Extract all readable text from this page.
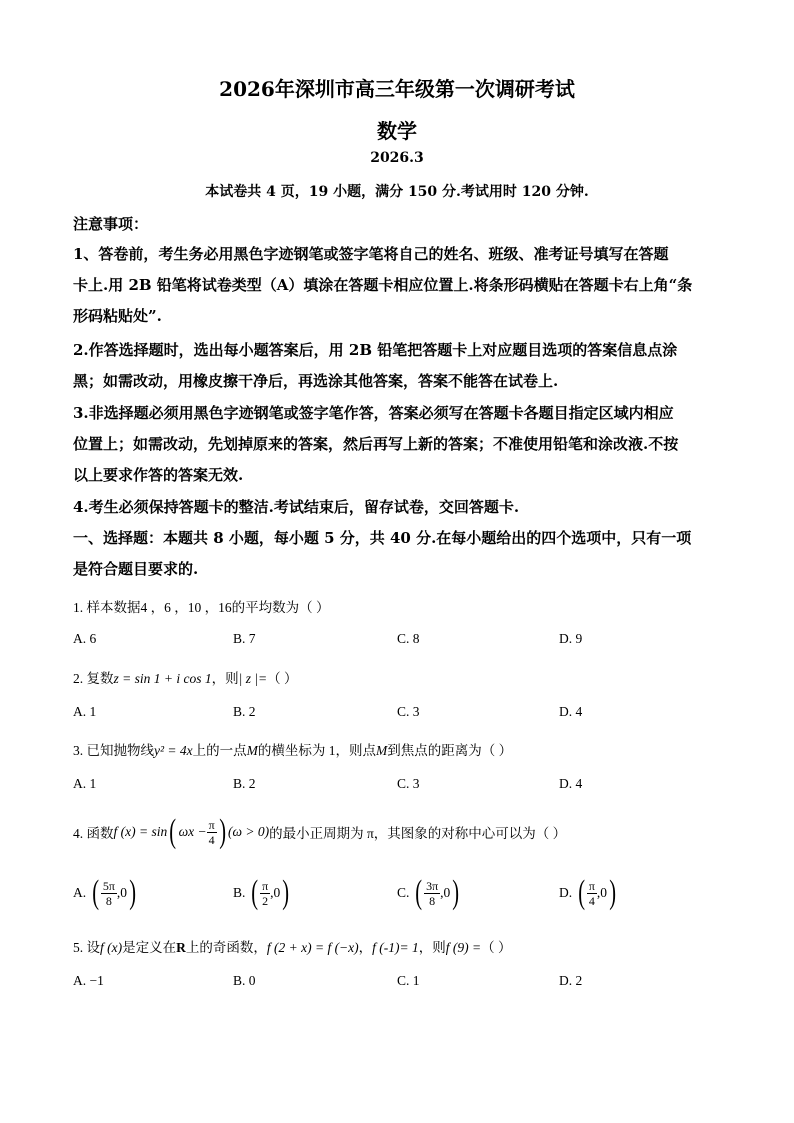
2026年深圳市高三年级第一次调研考试
数学
2026.3
本试卷共 4 页，19 小题，满分 150 分.考试用时 120 分钟.
注意事项：
1、答卷前，考生务必用黑色字迹钢笔或签字笔将自己的姓名、班级、准考证号填写在答题
卡上.用 2B 铅笔将试卷类型（A）填涂在答题卡相应位置上.将条形码横贴在答题卡右上角“条
形码粘贴处”.
2.作答选择题时，选出每小题答案后，用 2B 铅笔把答题卡上对应题目选项的答案信息点涂
黑；如需改动，用橡皮擦干净后，再选涂其他答案，答案不能答在试卷上.
3.非选择题必须用黑色字迹钢笔或签字笔作答，答案必须写在答题卡各题目指定区域内相应
位置上；如需改动，先划掉原来的答案，然后再写上新的答案；不准使用铅笔和涂改液.不按
以上要求作答的答案无效.
4.考生必须保持答题卡的整洁.考试结束后，留存试卷，交回答题卡.
一、选择题：本题共 8 小题，每小题 5 分，共 40 分.在每小题给出的四个选项中，只有一项
是符合题目要求的.
1. 样本数据4 ，6 ，10 ，16的平均数为（ ）
A. 6	B. 7	C. 8	D. 9
2. 复数z = sin 1 + i cos 1，则| z |=（ ）
A. 1	B. 2	C. 3	D. 4
3. 已知抛物线y² = 4x上的一点M的横坐标为 1，则点M到焦点的距离为（ ）
A. 1	B. 2	C. 3	D. 4
4. 函数 f (x) = sin ( $\omega x - \frac{\pi}{4}$ ) (ω > 0) 的最小正周期为 π，其图象的对称中心可以为（ ）
A.
( $\frac{5\pi}{8} ,0$ )	B.
( $\frac{\pi}{2} ,0$ )	C.
( $\frac{3\pi}{8} ,0$ )	D.
( $\frac{\pi}{4} ,0$ )
5. 设f (x)是定义在R上的奇函数，f (2 + x) = f (−x)，f (-1)= 1，则f (9) =（ ）
A. −1	B. 0	C. 1	D. 2
